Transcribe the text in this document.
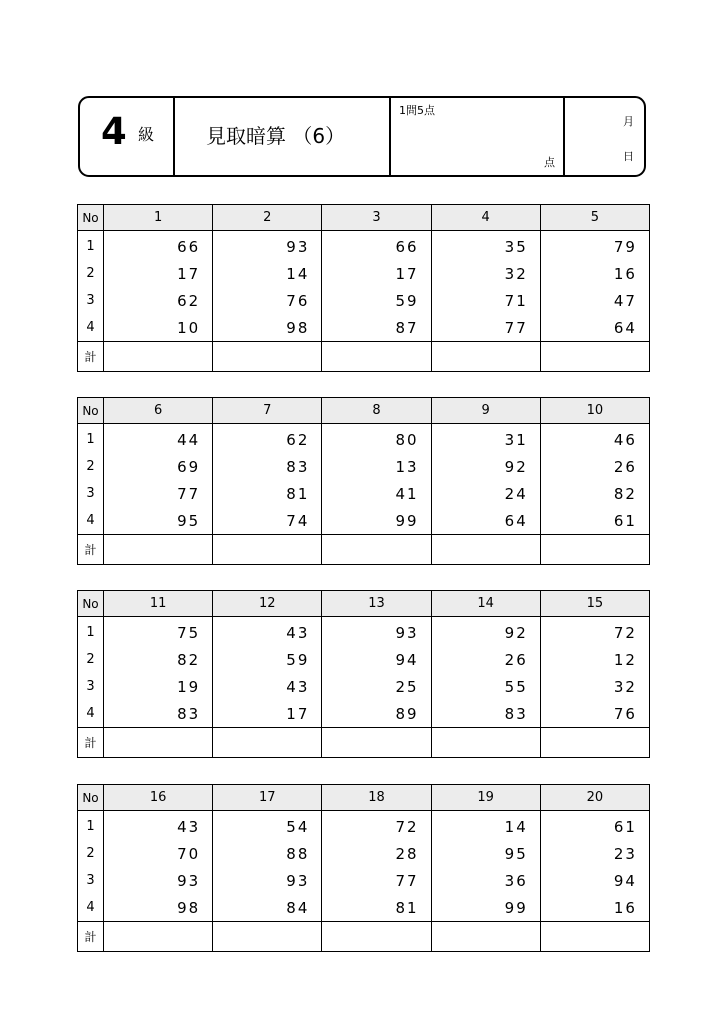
4 級	見取暗算 （6）
1問5点
点
月
日
No	1	2	3	4	5
1	66	93	66	35	79
2	17	14	17	32	16
3	62	76	59	71	47
4	10	98	87	77	64
計					
No	6	7	8	9	10
1	44	62	80	31	46
2	69	83	13	92	26
3	77	81	41	24	82
4	95	74	99	64	61
計					
No	11	12	13	14	15
1	75	43	93	92	72
2	82	59	94	26	12
3	19	43	25	55	32
4	83	17	89	83	76
計					
No	16	17	18	19	20
1	43	54	72	14	61
2	70	88	28	95	23
3	93	93	77	36	94
4	98	84	81	99	16
計					
